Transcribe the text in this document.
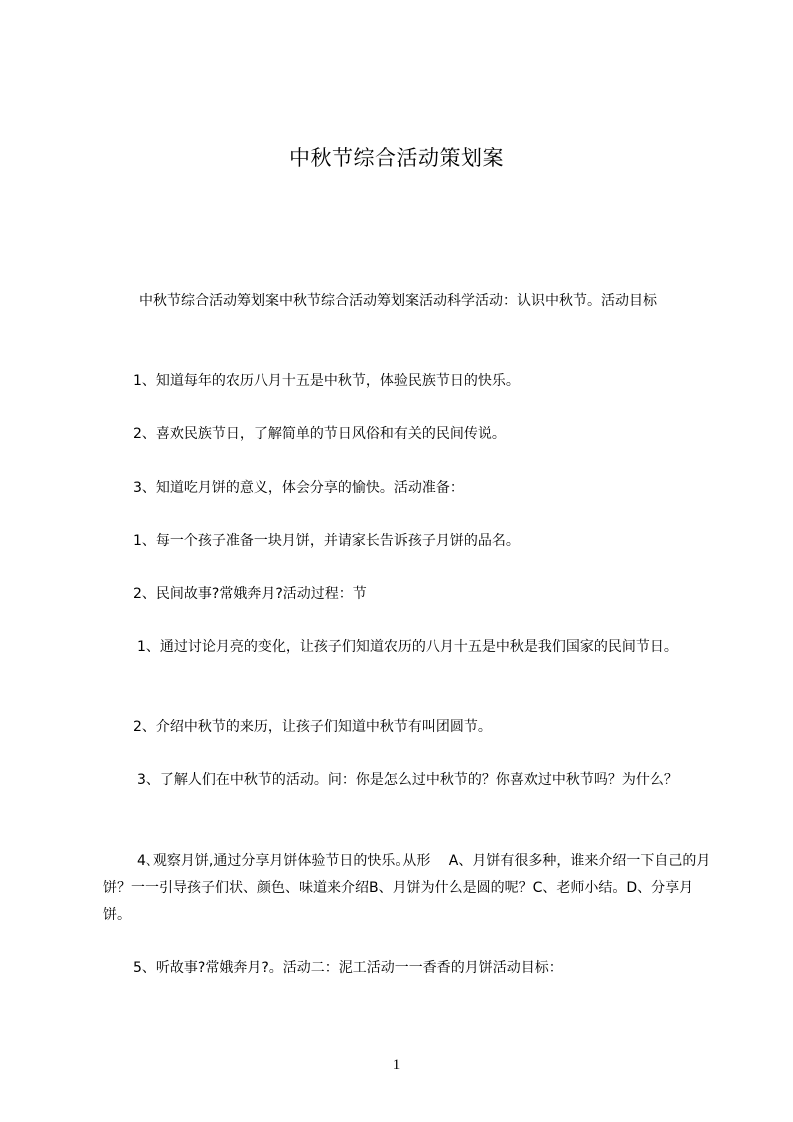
中秋节综合活动策划案

中秋节综合活动筹划案中秋节综合活动筹划案活动科学活动：认识中秋节。活动目标

1、知道每年的农历八月十五是中秋节，体验民族节日的快乐。

2、喜欢民族节日，了解简单的节日风俗和有关的民间传说。

3、知道吃月饼的意义，体会分享的愉快。活动准备：

1、每一个孩子准备一块月饼，并请家长告诉孩子月饼的品名。

2、民间故事?常娥奔月?活动过程：节

1、通过讨论月亮的变化，让孩子们知道农历的八月十五是中秋是我们国家的民间节日。

2、介绍中秋节的来历，让孩子们知道中秋节有叫团圆节。

3、了解人们在中秋节的活动。问：你是怎么过中秋节的？你喜欢过中秋节吗？为什么？

4､观察月饼,通过分享月饼体验节日的快乐｡从形　 A、月饼有很多种，谁来介绍一下自己的月饼？一一引导孩子们状、颜色、味道来介绍B、月饼为什么是圆的呢？C、老师小结。D、分享月饼。

5、听故事?常娥奔月?。活动二：泥工活动一一香香的月饼活动目标：

1
